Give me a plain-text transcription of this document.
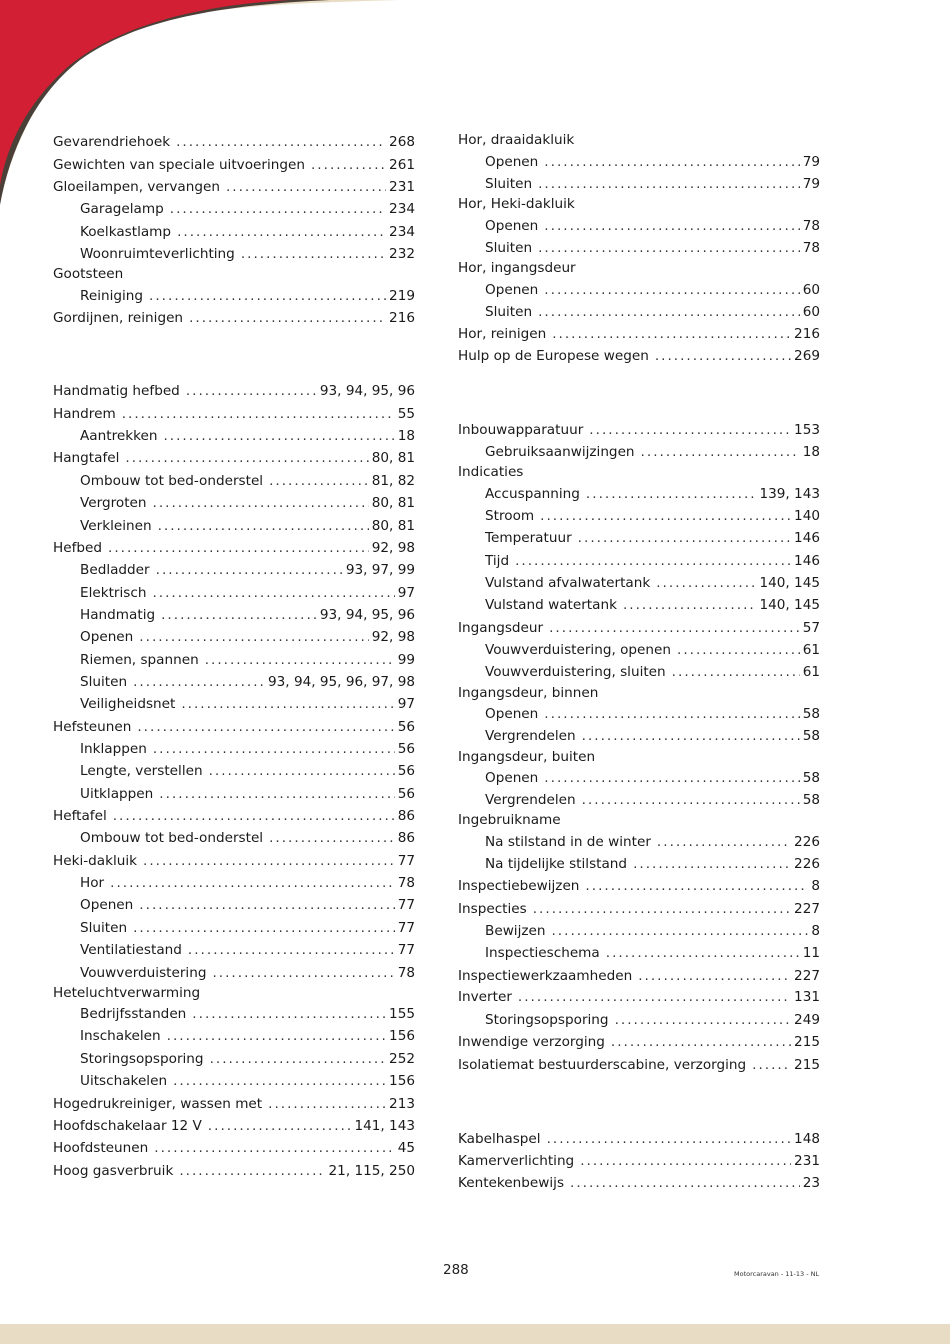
Gevarendriehoek .....	268
Gewichten van speciale uitvoeringen .....	261
Gloeilampen, vervangen .....	231
Garagelamp .....	234
Koelkastlamp .....	234
Woonruimteverlichting .....	232
Gootsteen
Reiniging .....	219
Gordijnen, reinigen .....	216
Handmatig hefbed .....	93, 94, 95, 96
Handrem .....	55
Aantrekken .....	18
Hangtafel .....	80, 81
Ombouw tot bed-onderstel .....	81, 82
Vergroten .....	80, 81
Verkleinen .....	80, 81
Hefbed .....	92, 98
Bedladder .....	93, 97, 99
Elektrisch .....	97
Handmatig .....	93, 94, 95, 96
Openen .....	92, 98
Riemen, spannen .....	99
Sluiten .....	93, 94, 95, 96, 97, 98
Veiligheidsnet .....	97
Hefsteunen .....	56
Inklappen .....	56
Lengte, verstellen .....	56
Uitklappen .....	56
Heftafel .....	86
Ombouw tot bed-onderstel .....	86
Heki-dakluik .....	77
Hor .....	78
Openen .....	77
Sluiten .....	77
Ventilatiestand .....	77
Vouwverduistering .....	78
Heteluchtverwarming
Bedrijfsstanden .....	155
Inschakelen .....	156
Storingsopsporing .....	252
Uitschakelen .....	156
Hogedrukreiniger, wassen met .....	213
Hoofdschakelaar 12 V .....	141, 143
Hoofdsteunen .....	45
Hoog gasverbruik .....	21, 115, 250
Hor, draaidakluik
Openen .....	79
Sluiten .....	79
Hor, Heki-dakluik
Openen .....	78
Sluiten .....	78
Hor, ingangsdeur
Openen .....	60
Sluiten .....	60
Hor, reinigen .....	216
Hulp op de Europese wegen .....	269
Inbouwapparatuur .....	153
Gebruiksaanwijzingen .....	18
Indicaties
Accuspanning .....	139, 143
Stroom .....	140
Temperatuur .....	146
Tijd .....	146
Vulstand afvalwatertank .....	140, 145
Vulstand watertank .....	140, 145
Ingangsdeur .....	57
Vouwverduistering, openen .....	61
Vouwverduistering, sluiten .....	61
Ingangsdeur, binnen
Openen .....	58
Vergrendelen .....	58
Ingangsdeur, buiten
Openen .....	58
Vergrendelen .....	58
Ingebruikname
Na stilstand in de winter .....	226
Na tijdelijke stilstand .....	226
Inspectiebewijzen .....	8
Inspecties .....	227
Bewijzen .....	8
Inspectieschema .....	11
Inspectiewerkzaamheden .....	227
Inverter .....	131
Storingsopsporing .....	249
Inwendige verzorging .....	215
Isolatiemat bestuurderscabine, verzorging .....	215
Kabelhaspel .....	148
Kamerverlichting .....	231
Kentekenbewijs .....	23
288	Motorcaravan - 11-13 - NL
